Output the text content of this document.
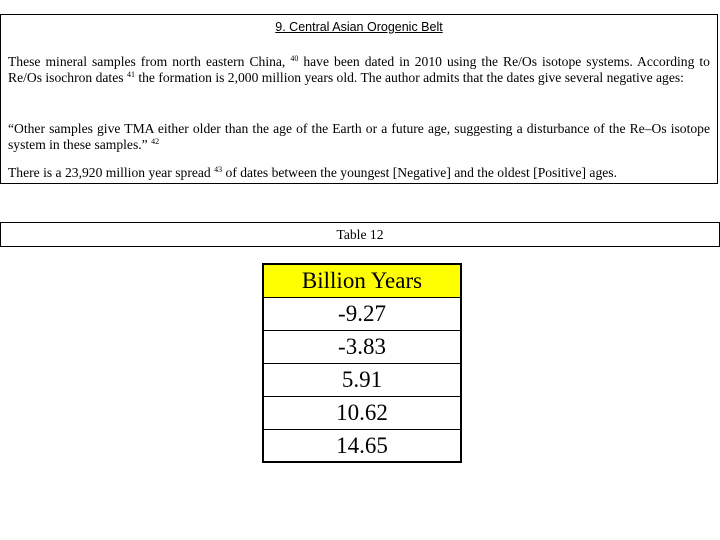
9. Central Asian Orogenic Belt

These mineral samples from north eastern China, $^{40}$ have been dated in 2010 using the Re/Os isotope systems. According to Re/Os isochron dates $^{41}$ the formation is 2,000 million years old. The author admits that the dates give several negative ages:

“Other samples give TMA either older than the age of the Earth or a future age, suggesting a disturbance of the Re–Os isotope system in these samples.” $^{42}$

There is a 23,920 million year spread $^{43}$ of dates between the youngest [Negative] and the oldest [Positive] ages.

Table 12
Billion Years
-9.27
-3.83
5.91
10.62
14.65
